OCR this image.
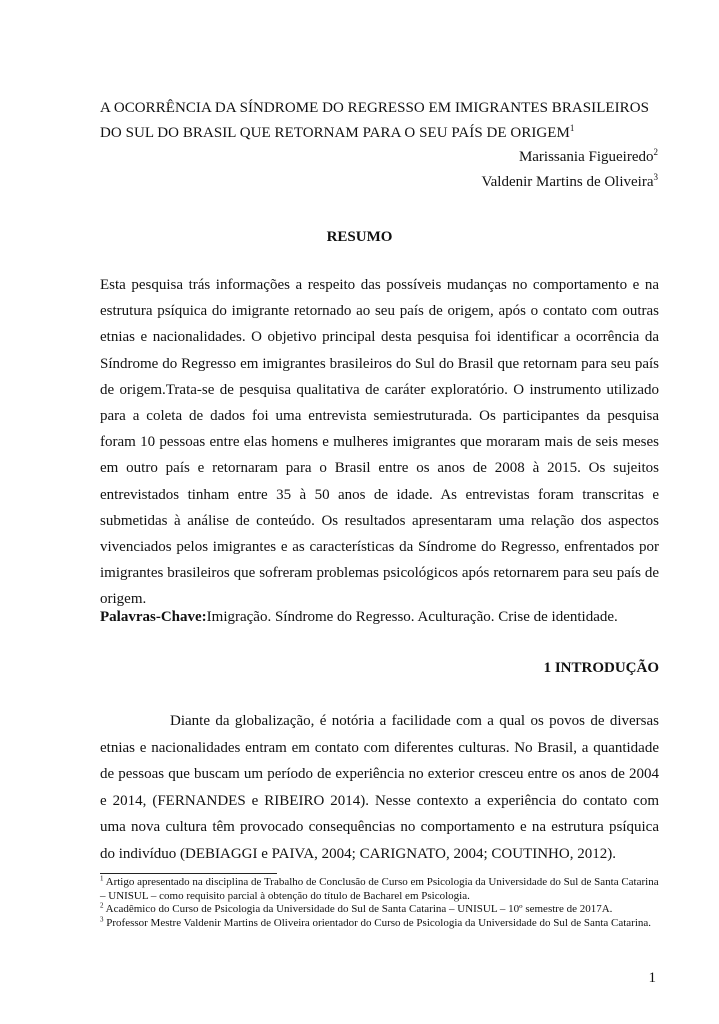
A OCORRÊNCIA DA SÍNDROME DO REGRESSO EM IMIGRANTES BRASILEIROS DO SUL DO BRASIL QUE RETORNAM PARA O SEU PAÍS DE ORIGEM$^1$
Marissania Figueiredo$^2$
Valdenir Martins de Oliveira$^3$
RESUMO

Esta pesquisa trás informações a respeito das possíveis mudanças no comportamento e na estrutura psíquica do imigrante retornado ao seu país de origem, após o contato com outras etnias e nacionalidades. O objetivo principal desta pesquisa foi identificar a ocorrência da Síndrome do Regresso em imigrantes brasileiros do Sul do Brasil que retornam para seu país de origem.Trata-se de pesquisa qualitativa de caráter exploratório. O instrumento utilizado para a coleta de dados foi uma entrevista semiestruturada. Os participantes da pesquisa foram 10 pessoas entre elas homens e mulheres imigrantes que moraram mais de seis meses em outro país e retornaram para o Brasil entre os anos de 2008 à 2015. Os sujeitos entrevistados tinham entre 35 à 50 anos de idade. As entrevistas foram transcritas e submetidas à análise de conteúdo. Os resultados apresentaram uma relação dos aspectos vivenciados pelos imigrantes e as características da Síndrome do Regresso, enfrentados por imigrantes brasileiros que sofreram problemas psicológicos após retornarem para seu país de origem.

Palavras-Chave:Imigração. Síndrome do Regresso. Aculturação. Crise de identidade.

1 INTRODUÇÃO

Diante da globalização, é notória a facilidade com a qual os povos de diversas etnias e nacionalidades entram em contato com diferentes culturas. No Brasil, a quantidade de pessoas que buscam um período de experiência no exterior cresceu entre os anos de 2004 e 2014, (FERNANDES e RIBEIRO 2014). Nesse contexto a experiência do contato com uma nova cultura têm provocado consequências no comportamento e na estrutura psíquica do indivíduo (DEBIAGGI e PAIVA, 2004; CARIGNATO, 2004; COUTINHO, 2012).

$^1$ Artigo apresentado na disciplina de Trabalho de Conclusão de Curso em Psicologia da Universidade do Sul de Santa Catarina – UNISUL – como requisito parcial à obtenção do título de Bacharel em Psicologia.

$^2$ Acadêmico do Curso de Psicologia da Universidade do Sul de Santa Catarina – UNISUL – 10º semestre de 2017A.

$^3$ Professor Mestre Valdenir Martins de Oliveira orientador do Curso de Psicologia da Universidade do Sul de Santa Catarina.

1
